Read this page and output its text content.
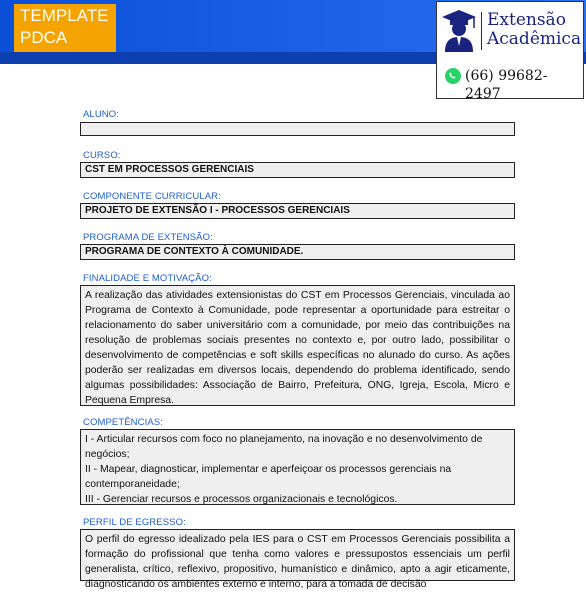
TEMPLATE
PDCA
Extensão
Acadêmica
(66) 99682-2497
ALUNO:
CURSO:
CST EM PROCESSOS GERENCIAIS
COMPONENTE CURRICULAR:
PROJETO DE EXTENSÃO I - PROCESSOS GERENCIAIS
PROGRAMA DE EXTENSÃO:
PROGRAMA DE CONTEXTO À COMUNIDADE.
FINALIDADE E MOTIVAÇÃO:
A realização das atividades extensionistas do CST em Processos Gerenciais, vinculada ao Programa de Contexto à Comunidade, pode representar a oportunidade para estreitar o relacionamento do saber universitário com a comunidade, por meio das contribuições na resolução de problemas sociais presentes no contexto e, por outro lado, possibilitar o desenvolvimento de competências e soft skills específicas no alunado do curso. As ações poderão ser realizadas em diversos locais, dependendo do problema identificado, sendo algumas possibilidades: Associação de Bairro, Prefeitura, ONG, Igreja, Escola, Micro e Pequena Empresa.
COMPETÊNCIAS:
I - Articular recursos com foco no planejamento, na inovação e no desenvolvimento de negócios;
II - Mapear, diagnosticar, implementar e aperfeiçoar os processos gerenciais na contemporaneidade;
III - Gerenciar recursos e processos organizacionais e tecnológicos.
PERFIL DE EGRESSO:
O perfil do egresso idealizado pela IES para o CST em Processos Gerenciais possibilita a formação do profissional que tenha como valores e pressupostos essenciais um perfil generalista, crítico, reflexivo, propositivo, humanístico e dinâmico, apto a agir eticamente, diagnosticando os ambientes externo e interno, para a tomada de decisão
